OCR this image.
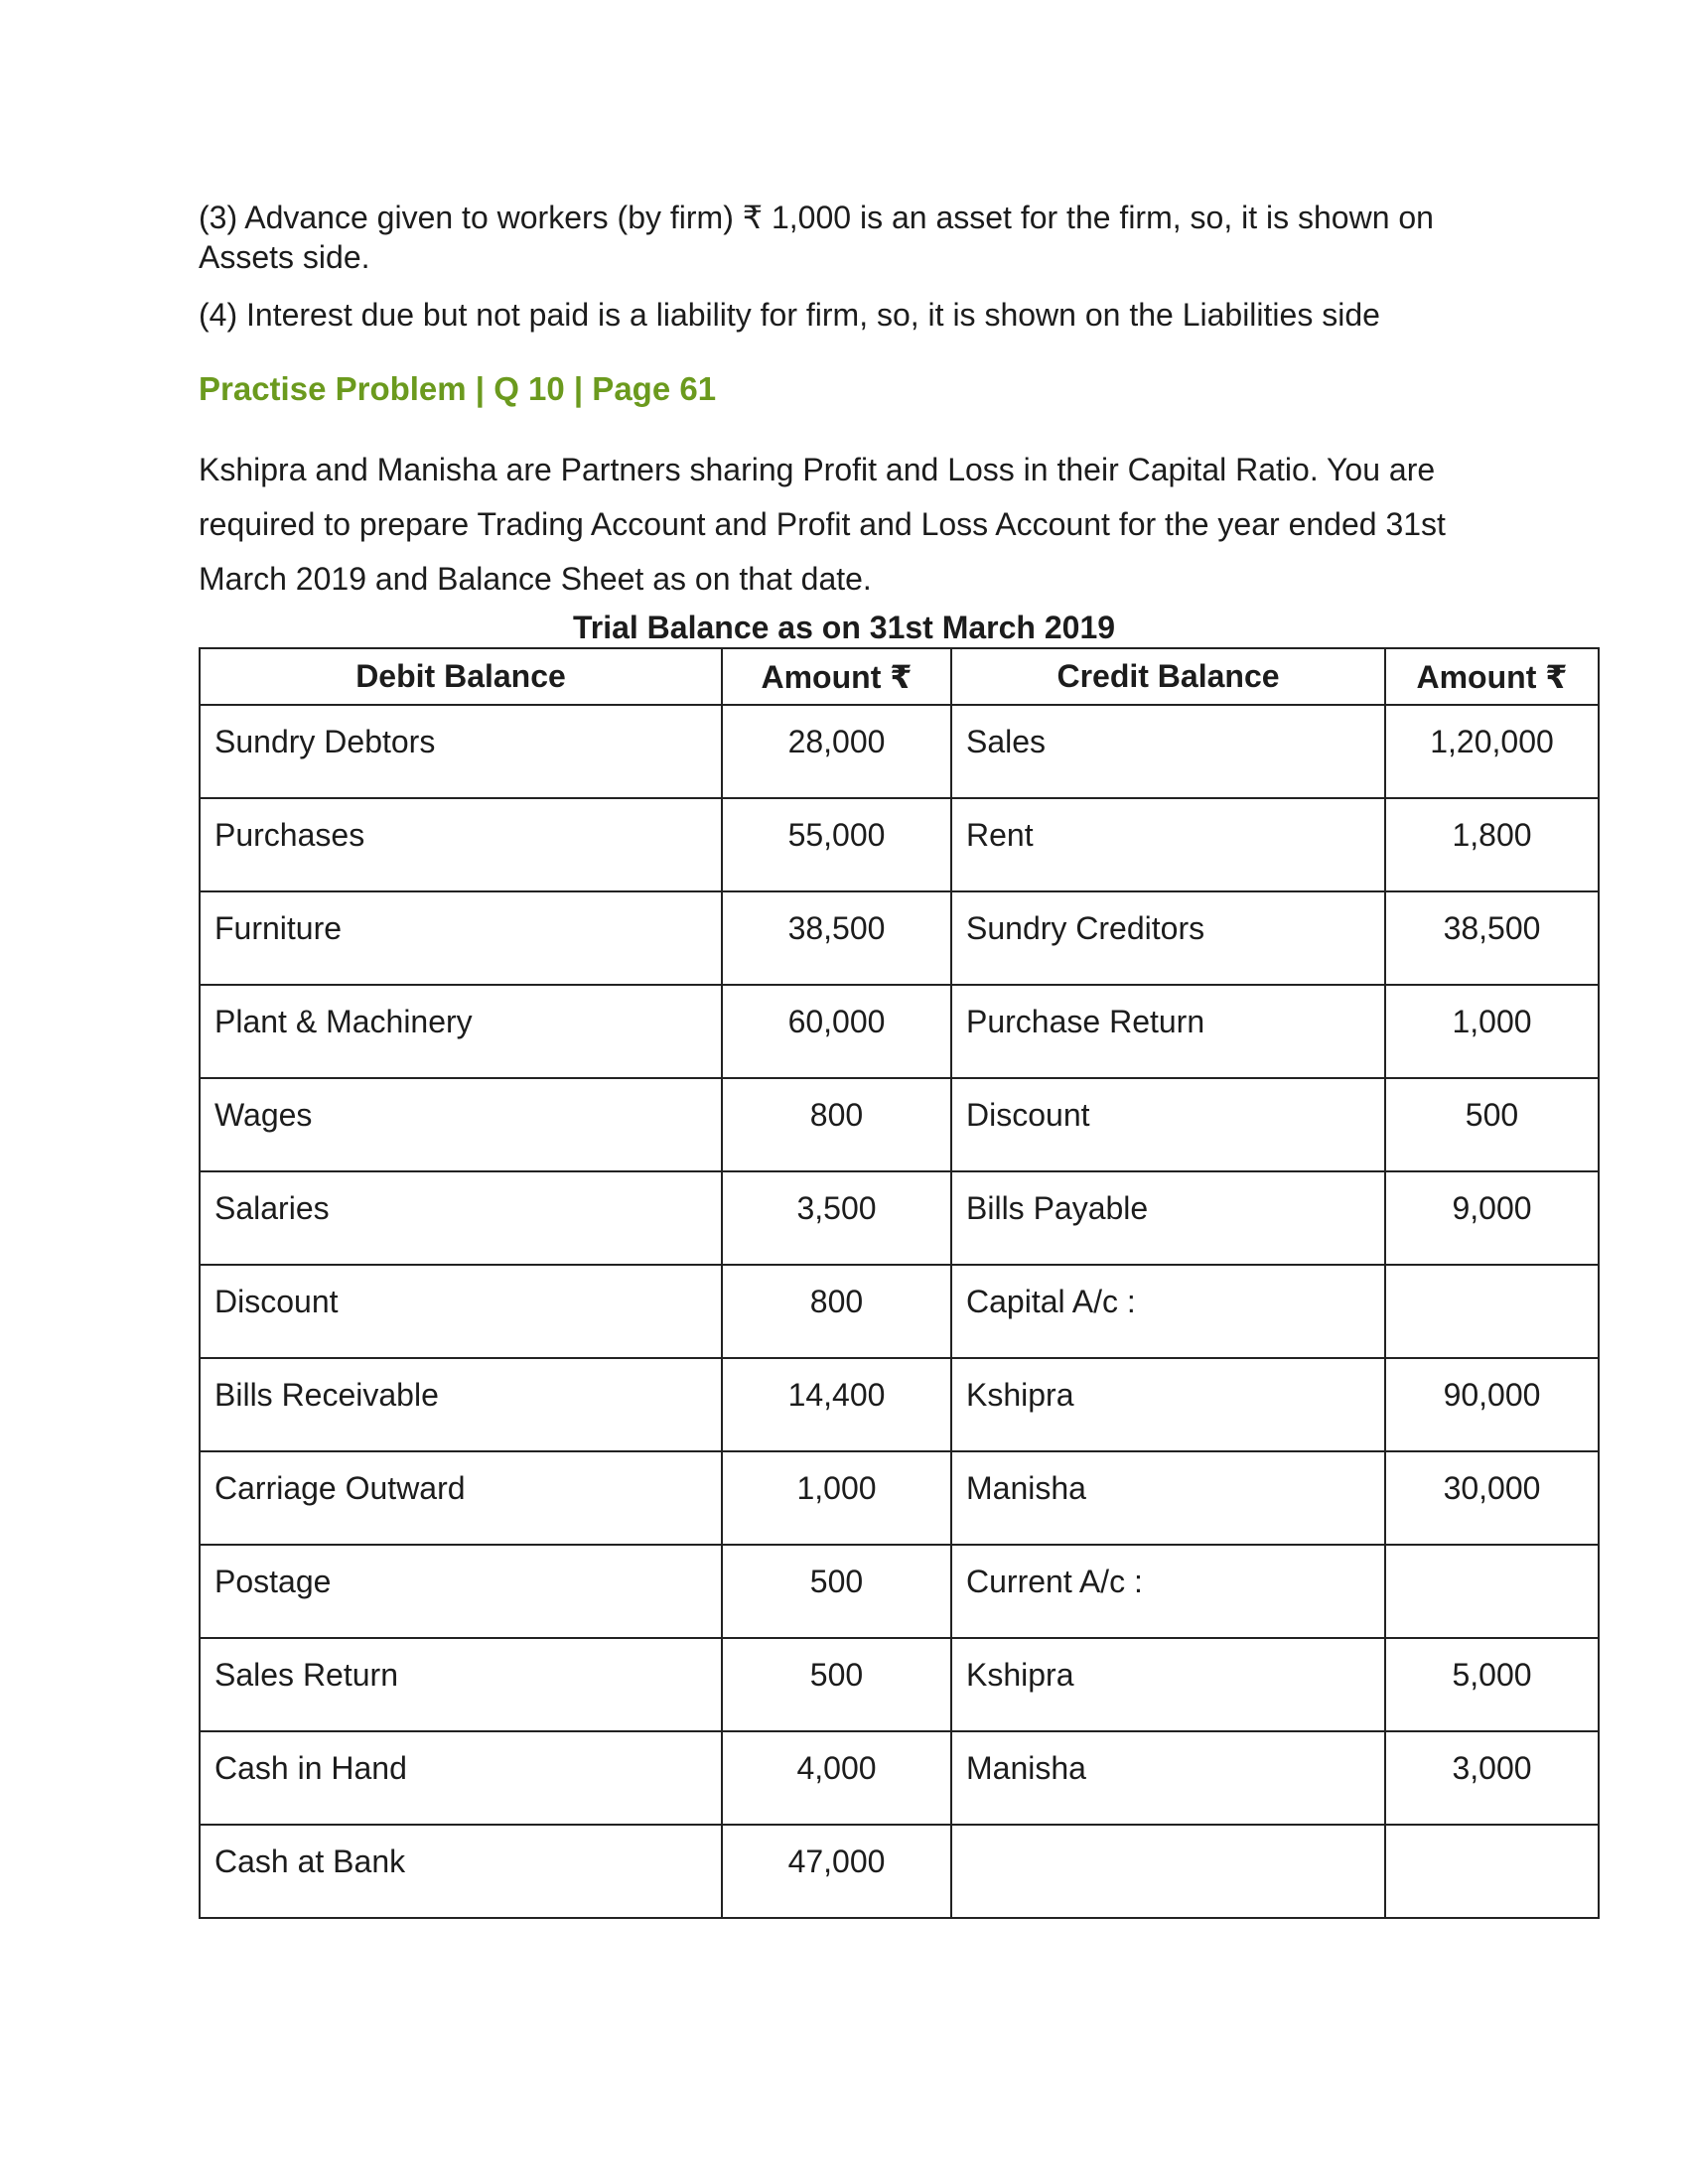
(3) Advance given to workers (by firm) ₹ 1,000 is an asset for the firm, so, it is shown on Assets side.
(4) Interest due but not paid is a liability for firm, so, it is shown on the Liabilities side
Practise Problem | Q 10 | Page 61
Kshipra and Manisha are Partners sharing Profit and Loss in their Capital Ratio. You are required to prepare Trading Account and Profit and Loss Account for the year ended 31st March 2019 and Balance Sheet as on that date.
Trial Balance as on 31st March 2019
Debit Balance	Amount ₹	Credit Balance	Amount ₹
Sundry Debtors	28,000	Sales	1,20,000
Purchases	55,000	Rent	1,800
Furniture	38,500	Sundry Creditors	38,500
Plant & Machinery	60,000	Purchase Return	1,000
Wages	800	Discount	500
Salaries	3,500	Bills Payable	9,000
Discount	800	Capital A/c :	
Bills Receivable	14,400	Kshipra	90,000
Carriage Outward	1,000	Manisha	30,000
Postage	500	Current A/c :	
Sales Return	500	Kshipra	5,000
Cash in Hand	4,000	Manisha	3,000
Cash at Bank	47,000		
